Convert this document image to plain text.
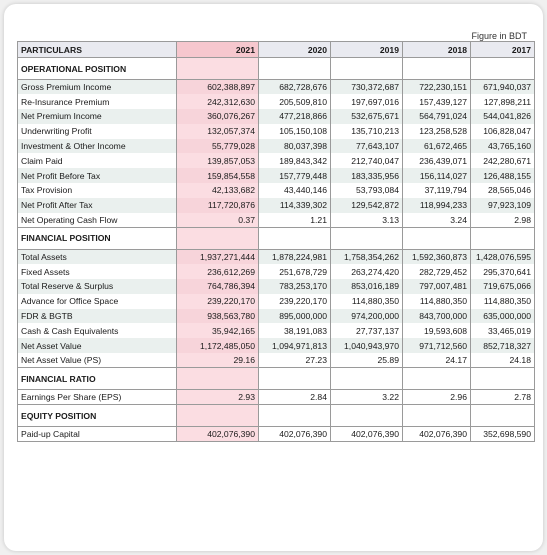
Figure in BDT
PARTICULARS	2021	2020	2019	2018	2017
OPERATIONAL POSITION					
Gross Premium Income	602,388,897	682,728,676	730,372,687	722,230,151	671,940,037
Re-Insurance Premium	242,312,630	205,509,810	197,697,016	157,439,127	127,898,211
Net Premium Income	360,076,267	477,218,866	532,675,671	564,791,024	544,041,826
Underwriting Profit	132,057,374	105,150,108	135,710,213	123,258,528	106,828,047
Investment & Other Income	55,779,028	80,037,398	77,643,107	61,672,465	43,765,160
Claim Paid	139,857,053	189,843,342	212,740,047	236,439,071	242,280,671
Net Profit Before Tax	159,854,558	157,779,448	183,335,956	156,114,027	126,488,155
Tax Provision	42,133,682	43,440,146	53,793,084	37,119,794	28,565,046
Net Profit After Tax	117,720,876	114,339,302	129,542,872	118,994,233	97,923,109
Net Operating Cash Flow	0.37	1.21	3.13	3.24	2.98
FINANCIAL POSITION					
Total Assets	1,937,271,444	1,878,224,981	1,758,354,262	1,592,360,873	1,428,076,595
Fixed Assets	236,612,269	251,678,729	263,274,420	282,729,452	295,370,641
Total Reserve & Surplus	764,786,394	783,253,170	853,016,189	797,007,481	719,675,066
Advance for Office Space	239,220,170	239,220,170	114,880,350	114,880,350	114,880,350
FDR & BGTB	938,563,780	895,000,000	974,200,000	843,700,000	635,000,000
Cash & Cash Equivalents	35,942,165	38,191,083	27,737,137	19,593,608	33,465,019
Net Asset Value	1,172,485,050	1,094,971,813	1,040,943,970	971,712,560	852,718,327
Net Asset Value (PS)	29.16	27.23	25.89	24.17	24.18
FINANCIAL RATIO					
Earnings Per Share (EPS)	2.93	2.84	3.22	2.96	2.78
EQUITY POSITION					
Paid-up Capital	402,076,390	402,076,390	402,076,390	402,076,390	352,698,590
